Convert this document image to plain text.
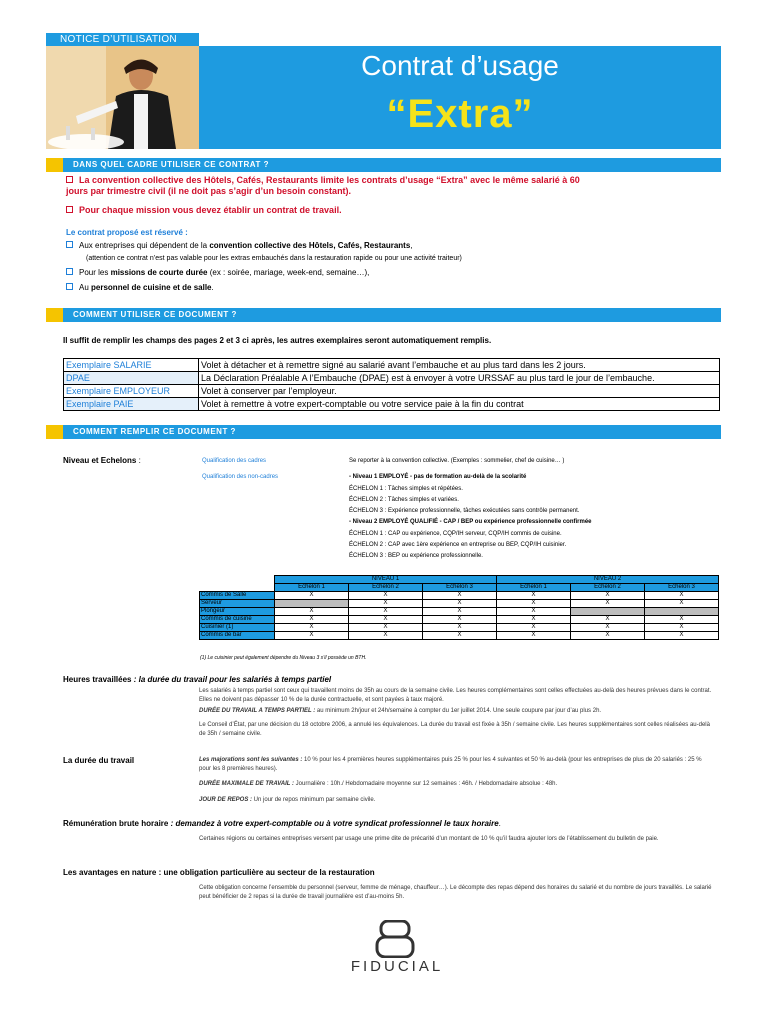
NOTICE D’UTILISATION
Contrat d’usage
“Extra”
DANS QUEL CADRE UTILISER CE CONTRAT ?
La convention collective des Hôtels, Cafés, Restaurants limite les contrats d’usage “Extra” avec le même salarié à 60
jours par trimestre civil (il ne doit pas s’agir d’un besoin constant).
Pour chaque mission vous devez établir un contrat de travail.
Le contrat proposé est réservé :
Aux entreprises qui dépendent de la convention collective des Hôtels, Cafés, Restaurants,
(attention ce contrat n’est pas valable pour les extras embauchés dans la restauration rapide ou pour une activité traiteur)
Pour les missions de courte durée (ex : soirée, mariage, week-end, semaine…),
Au personnel de cuisine et de salle.
COMMENT UTILISER CE DOCUMENT ?
Il suffit de remplir les champs des pages 2 et 3 ci après, les autres exemplaires seront automatiquement remplis.
Exemplaire SALARIE	Volet à détacher et à remettre signé au salarié avant l’embauche et au plus tard dans les 2 jours.
DPAE	La Déclaration Préalable A l’Embauche (DPAE) est à envoyer à votre URSSAF au plus tard le jour de l’embauche.
Exemplaire EMPLOYEUR	Volet à conserver par l’employeur.
Exemplaire PAIE	Volet à remettre à votre expert-comptable ou votre service paie à la fin du contrat
COMMENT REMPLIR CE DOCUMENT ?
Niveau et Echelons :	Qualification des cadres	Se reporter à la convention collective. (Exemples : sommelier, chef de cuisine… )
Qualification des non-cadres	- Niveau 1 EMPLOYÉ - pas de formation au-delà de la scolarité
ÉCHELON 1 : Tâches simples et répétées.
ÉCHELON 2 : Tâches simples et variées.
ÉCHELON 3 : Expérience professionnelle, tâches exécutées sans contrôle permanent.
- Niveau 2 EMPLOYÉ QUALIFIÉ - CAP / BEP ou expérience professionnelle confirmée
ÉCHELON 1 : CAP ou expérience, CQP/IH serveur, CQP/IH commis de cuisine.
ÉCHELON 2 : CAP avec 1ère expérience en entreprise ou BEP, CQP/IH cuisinier.
ÉCHELON 3 : BEP ou expérience professionnelle.
	NIVEAU 1			NIVEAU 2		
	Echelon 1	Echelon 2	Echelon 3	Echelon 1	Echelon 2	Echelon 3
Commis de Salle	X	X	X	X	X	X
Serveur		X	X	X	X	X
Plongeur	X	X	X	X		
Commis de cuisine	X	X	X	X	X	X
Cuisinier (1)	X	X	X	X	X	X
Commis de bar	X	X	X	X	X	X
(1) Le cuisinier peut également dépendre du Niveau 3 s’il possède un BTH.
Heures travaillées : la durée du travail pour les salariés à temps partiel
Les salariés à temps partiel sont ceux qui travaillent moins de 35h au cours de la semaine civile. Les heures complémentaires sont celles effectuées au-delà des heures prévues dans le contrat. Elles ne doivent pas dépasser 10 % de la durée contractuelle, et sont payées à taux majoré.
DURÉE DU TRAVAIL A TEMPS PARTIEL : au minimum 2h/jour et 24h/semaine à compter du 1er juillet 2014. Une seule coupure par jour d’au plus 2h.
Le Conseil d’État, par une décision du 18 octobre 2006, a annulé les équivalences. La durée du travail est fixée à 35h / semaine civile. Les heures supplémentaires sont celles réalisées au-delà de 35h / semaine civile.
La durée du travail	Les majorations sont les suivantes : 10 % pour les 4 premières heures supplémentaires puis 25 % pour les 4 suivantes et 50 % au-delà (pour les entreprises de plus de 20 salariés : 25 % pour les 8 premières heures).
DURÉE MAXIMALE DE TRAVAIL : Journalière : 10h./ Hebdomadaire moyenne sur 12 semaines : 46h. / Hebdomadaire absolue : 48h.
JOUR DE REPOS : Un jour de repos minimum par semaine civile.
Rémunération brute horaire : demandez à votre expert-comptable ou à votre syndicat professionnel le taux horaire.
Certaines régions ou certaines entreprises versent par usage une prime dite de précarité d’un montant de 10 % qu’il faudra ajouter lors de l’établissement du bulletin de paie.
Les avantages en nature : une obligation particulière au secteur de la restauration
Cette obligation concerne l’ensemble du personnel (serveur, femme de ménage, chauffeur…). Le décompte des repas dépend des horaires du salarié et du nombre de jours travaillés. Le salarié peut bénéficier de 2 repas si la durée de travail journalière est d’au-moins 5h.
FIDUCIAL
